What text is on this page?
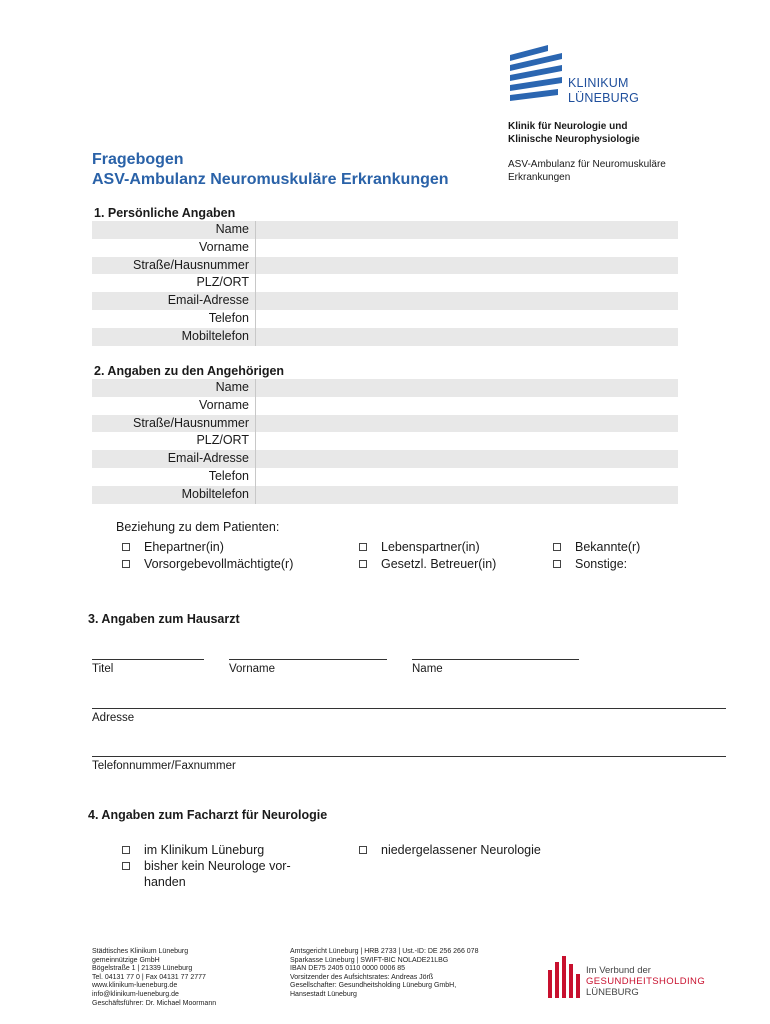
KLINIKUM
LÜNEBURG
Klinik für Neurologie und
Klinische Neurophysiologie
ASV-Ambulanz für Neuromuskuläre Erkrankungen
Fragebogen
ASV-Ambulanz Neuromuskuläre Erkrankungen
1. Persönliche Angaben
Name
Vorname
Straße/Hausnummer
PLZ/ORT
Email-Adresse
Telefon
Mobiltelefon
2. Angaben zu den Angehörigen
Name
Vorname
Straße/Hausnummer
PLZ/ORT
Email-Adresse
Telefon
Mobiltelefon
Beziehung zu dem Patienten:
Ehepartner(in)	Lebenspartner(in)	Bekannte(r)
Vorsorgebevollmächtigte(r)	Gesetzl. Betreuer(in)	Sonstige:
3. Angaben zum Hausarzt
Titel	Vorname	Name
Adresse
Telefonnummer/Faxnummer
4. Angaben zum Facharzt für Neurologie
im Klinikum Lüneburg	niedergelassener Neurologie
bisher kein Neurologe vor-
handen
Städtisches Klinikum Lüneburg
gemeinnützige GmbH
Bögelstraße 1 | 21339 Lüneburg
Tel. 04131 77 0 | Fax 04131 77 2777
www.klinikum-lueneburg.de
info@klinikum-lueneburg.de
Geschäftsführer: Dr. Michael Moormann
Amtsgericht Lüneburg | HRB 2733 | Ust.-ID: DE 256 266 078
Sparkasse Lüneburg | SWIFT-BIC NOLADE21LBG
IBAN DE75 2405 0110 0000 0006 85
Vorsitzender des Aufsichtsrates: Andreas Jörß
Gesellschafter: Gesundheitsholding Lüneburg GmbH,
Hansestadt Lüneburg
Im Verbund der
GESUNDHEITSHOLDING
LÜNEBURG
